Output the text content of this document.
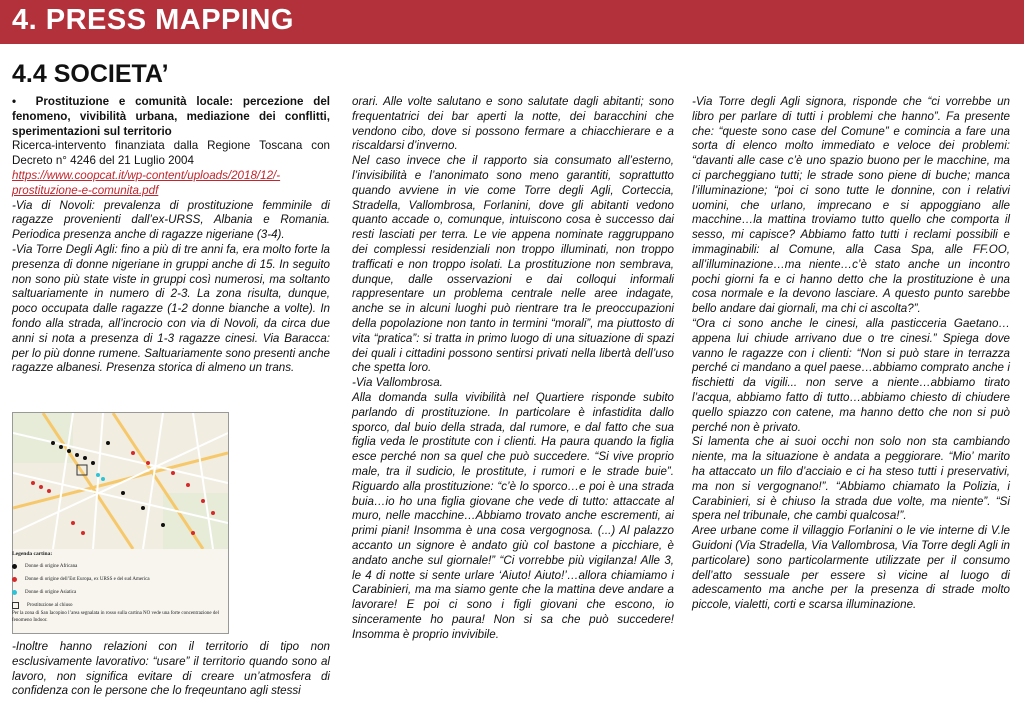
4. PRESS MAPPING
4.4 SOCIETA’

•  Prostituzione e comunità locale: percezione del fenomeno, vivibilità urbana, mediazione dei conflitti, sperimentazioni sul territorio

Ricerca-intervento finanziata dalla Regione Toscana con Decreto n° 4246 del 21 Luglio 2004

https://www.coopcat.it/wp-content/uploads/2018/12/-prostituzione-e-comunita.pdf

-Via di Novoli: prevalenza di prostituzione femminile di ragazze provenienti dall’ex-URSS, Albania e Romania. Periodica presenza anche di ragazze nigeriane (3-4).

-Via Torre Degli Agli: fino a più di tre anni fa, era molto forte la presenza di donne nigeriane in gruppi anche di 15. In seguito non sono più state viste in gruppi così numerosi, ma soltanto saltuariamente in numero di 2-3. La zona risulta, dunque, poco occupata dalle ragazze (1-2 donne bianche a volte). In fondo alla strada, all’incrocio con via di Novoli, da circa due anni si nota a presenza di 1-3 ragazze cinesi. Via Baracca: per lo più donne rumene. Saltuariamente sono presenti anche ragazze albanesi. Presenza storica di almeno un trans.

Legenda cartina:
Donne di origine Africana
Donne di origine dell’Est Europa, ex URSS e del sud America
Donne di origine Asiatica
Prostituzione al chiuso
Per la zona di San Iacopino l’area segnalata in rosso sulla cartina NO vede una forte concentrazione del fenomeno Indoor.

-Inoltre hanno relazioni con il territorio di tipo non esclusivamente lavorativo: “usare” il territorio quando sono al lavoro, non significa evitare di creare un’atmosfera di confidenza con le persone che lo freqeuntano agli stessi

orari. Alle volte salutano e sono salutate dagli abitanti; sono frequentatrici dei bar aperti la notte, dei baracchini che vendono cibo, dove si possono fermare a chiacchierare e a riscaldarsi d’inverno.

Nel caso invece che il rapporto sia consumato all’esterno, l’invisibilità e l’anonimato sono meno garantiti, soprattutto quando avviene in vie come Torre degli Agli, Corteccia, Stradella, Vallombrosa, Forlanini, dove gli abitanti vedono quanto accade o, comunque, intuiscono cosa è successo dai resti lasciati per terra. Le vie appena nominate raggruppano dei complessi residenziali non troppo illuminati, non troppo trafficati e non troppo isolati. La prostituzione non sembrava, dunque, dalle osservazioni e dai colloqui informali rappresentare un problema centrale nelle aree indagate, anche se in alcuni luoghi può rientrare tra le preoccupazioni della popolazione non tanto in termini “morali”, ma piuttosto di vita “pratica”: si tratta in primo luogo di una situazione di spazi dei quali i cittadini possono sentirsi privati nella libertà dell’uso che spetta loro.

-Via Vallombrosa.

Alla domanda sulla vivibilità nel Quartiere risponde subito parlando di prostituzione. In particolare è infastidita dallo sporco, dal buio della strada, dal rumore, e dal fatto che sua figlia veda le prostitute con i clienti. Ha paura quando la figlia esce perché non sa quel che può succedere. “Si vive proprio male, tra il sudicio, le prostitute, i rumori e le strade buie”. Riguardo alla prostituzione: “c’è lo sporco…e poi è una strada buia…io ho una figlia giovane che vede di tutto: attaccate al muro, nelle macchine…Abbiamo trovato anche escrementi, ai primi piani! Insomma è una cosa vergognosa. (...) Al palazzo accanto un signore è andato giù col bastone a picchiare, è andato anche sul giornale!” “Ci vorrebbe più vigilanza! Alle 3, le 4 di notte si sente urlare ‘Aiuto! Aiuto!’…allora chiamiamo i Carabinieri, ma ma siamo gente che la mattina deve andare a lavorare! E poi ci sono i figli giovani che escono, io sinceramente ho paura! Non si sa che può succedere! Insomma è proprio invivibile.

-Via Torre degli Agli signora, risponde che “ci vorrebbe un libro per parlare di tutti i problemi che hanno”. Fa presente che: “queste sono case del Comune” e comincia a fare una sorta di elenco molto immediato e veloce dei problemi: “davanti alle case c’è uno spazio buono per le macchine, ma ci parcheggiano tutti; le strade sono piene di buche; manca l’illuminazione; “poi ci sono tutte le donnine, con i relativi uomini, che urlano, imprecano e si appoggiano alle macchine…la mattina troviamo tutto quello che comporta il sesso, mi capisce? Abbiamo fatto tutti i reclami possibili e immaginabili: al Comune, alla Casa Spa, alle FF.OO, all’illuminazione…ma niente…c’è stato anche un incontro pochi giorni fa e ci hanno detto che la prostituzione è una cosa normale e la devono lasciare. A questo punto sarebbe bello andare dai giornali, ma chi ci ascolta?”.

“Ora ci sono anche le cinesi, alla pasticceria Gaetano…appena lui chiude arrivano due o tre cinesi.” Spiega dove vanno le ragazze con i clienti: “Non si può stare in terrazza perché ci mandano a quel paese…abbiamo comprato anche i fischietti da vigili... non serve a niente…abbiamo tirato l’acqua, abbiamo fatto di tutto…abbiamo chiesto di chiudere quello spiazzo con catene, ma hanno detto che non si può perché non è privato.

Si lamenta che ai suoi occhi non solo non sta cambiando niente, ma la situazione è andata a peggiorare. “Mio’ marito ha attaccato un filo d’acciaio e ci ha steso tutti i preservativi, ma non si vergognano!”. “Abbiamo chiamato la Polizia, i Carabinieri, si è chiuso la strada due volte, ma niente”. “Si spera nel tribunale, che cambi qualcosa!”.

Aree urbane come il villaggio Forlanini o le vie interne di V.le Guidoni (Via Stradella, Via Vallombrosa, Via Torre degli Agli in particolare) sono particolarmente utilizzate per il consumo dell’atto sessuale per essere sì vicine al luogo di adescamento ma anche per la presenza di strade molto piccole, vialetti, corti e scarsa illuminazione.
